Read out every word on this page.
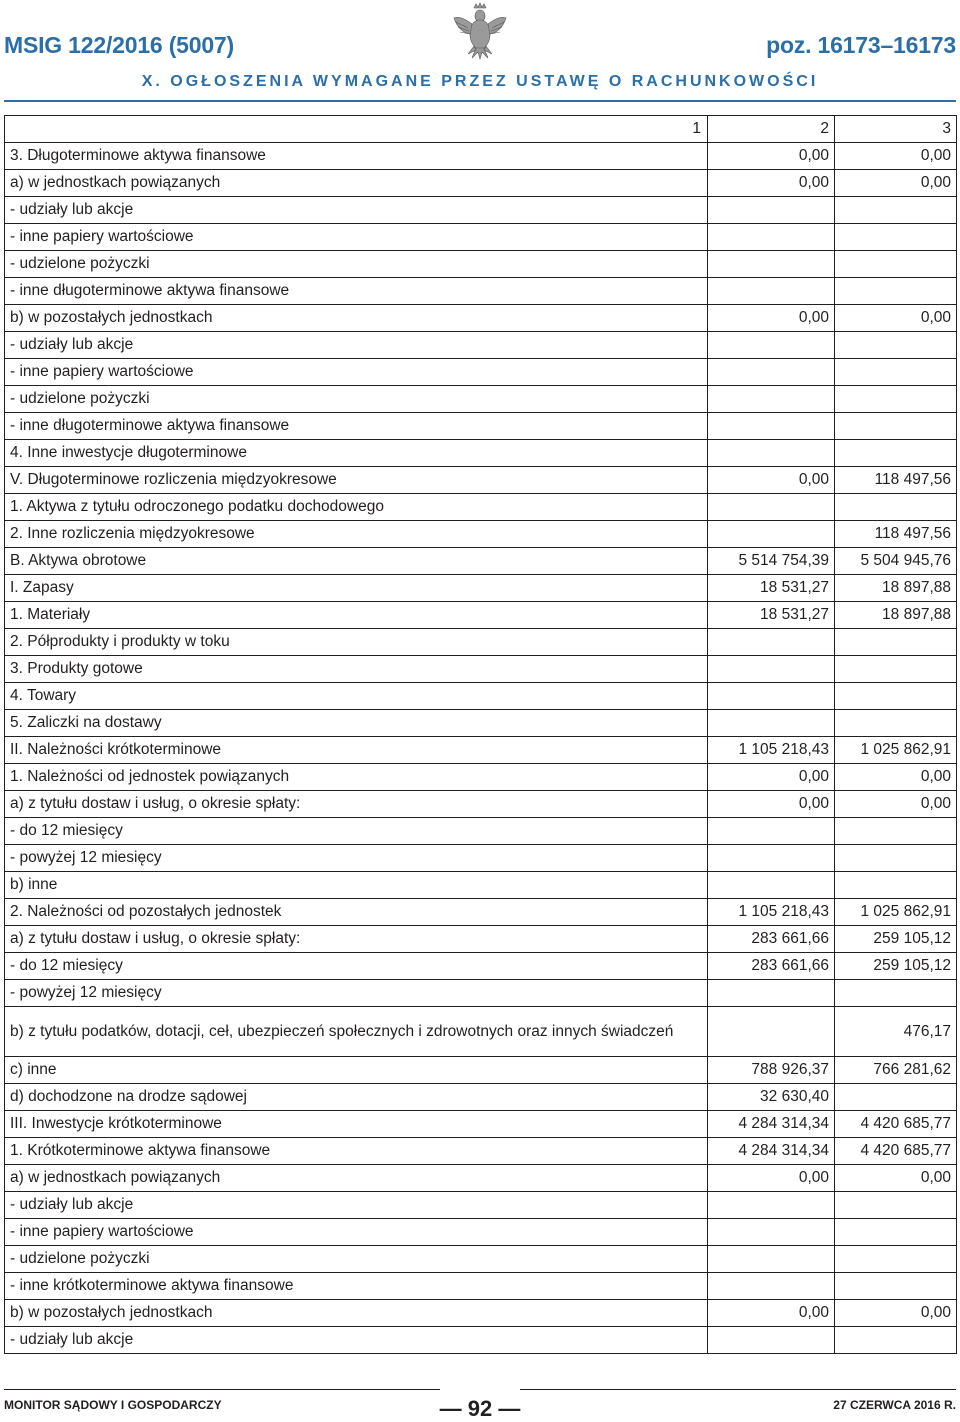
MSIG 122/2016 (5007)	poz. 16173–16173
X. OGŁOSZENIA WYMAGANE PRZEZ USTAWĘ O RACHUNKOWOŚCI
1	2	3
3. Długoterminowe aktywa finansowe	0,00	0,00
a) w jednostkach powiązanych	0,00	0,00
- udziały lub akcje		
- inne papiery wartościowe		
- udzielone pożyczki		
- inne długoterminowe aktywa finansowe		
b) w pozostałych jednostkach	0,00	0,00
- udziały lub akcje		
- inne papiery wartościowe		
- udzielone pożyczki		
- inne długoterminowe aktywa finansowe		
4. Inne inwestycje długoterminowe		
V. Długoterminowe rozliczenia międzyokresowe	0,00	118 497,56
1. Aktywa z tytułu odroczonego podatku dochodowego		
2. Inne rozliczenia międzyokresowe		118 497,56
B. Aktywa obrotowe	5 514 754,39	5 504 945,76
I. Zapasy	18 531,27	18 897,88
1. Materiały	18 531,27	18 897,88
2. Półprodukty i produkty w toku		
3. Produkty gotowe		
4. Towary		
5. Zaliczki na dostawy		
II. Należności krótkoterminowe	1 105 218,43	1 025 862,91
1. Należności od jednostek powiązanych	0,00	0,00
a) z tytułu dostaw i usług, o okresie spłaty:	0,00	0,00
- do 12 miesięcy		
- powyżej 12 miesięcy		
b) inne		
2. Należności od pozostałych jednostek	1 105 218,43	1 025 862,91
a) z tytułu dostaw i usług, o okresie spłaty:	283 661,66	259 105,12
- do 12 miesięcy	283 661,66	259 105,12
- powyżej 12 miesięcy		
b) z tytułu podatków, dotacji, ceł, ubezpieczeń społecznych i zdrowotnych oraz innych świadczeń		476,17
c) inne	788 926,37	766 281,62
d) dochodzone na drodze sądowej	32 630,40	
III. Inwestycje krótkoterminowe	4 284 314,34	4 420 685,77
1. Krótkoterminowe aktywa finansowe	4 284 314,34	4 420 685,77
a) w jednostkach powiązanych	0,00	0,00
- udziały lub akcje		
- inne papiery wartościowe		
- udzielone pożyczki		
- inne krótkoterminowe aktywa finansowe		
b) w pozostałych jednostkach	0,00	0,00
- udziały lub akcje		
MONITOR SĄDOWY I GOSPODARCZY	— 92 —	27 CZERWCA 2016 R.
